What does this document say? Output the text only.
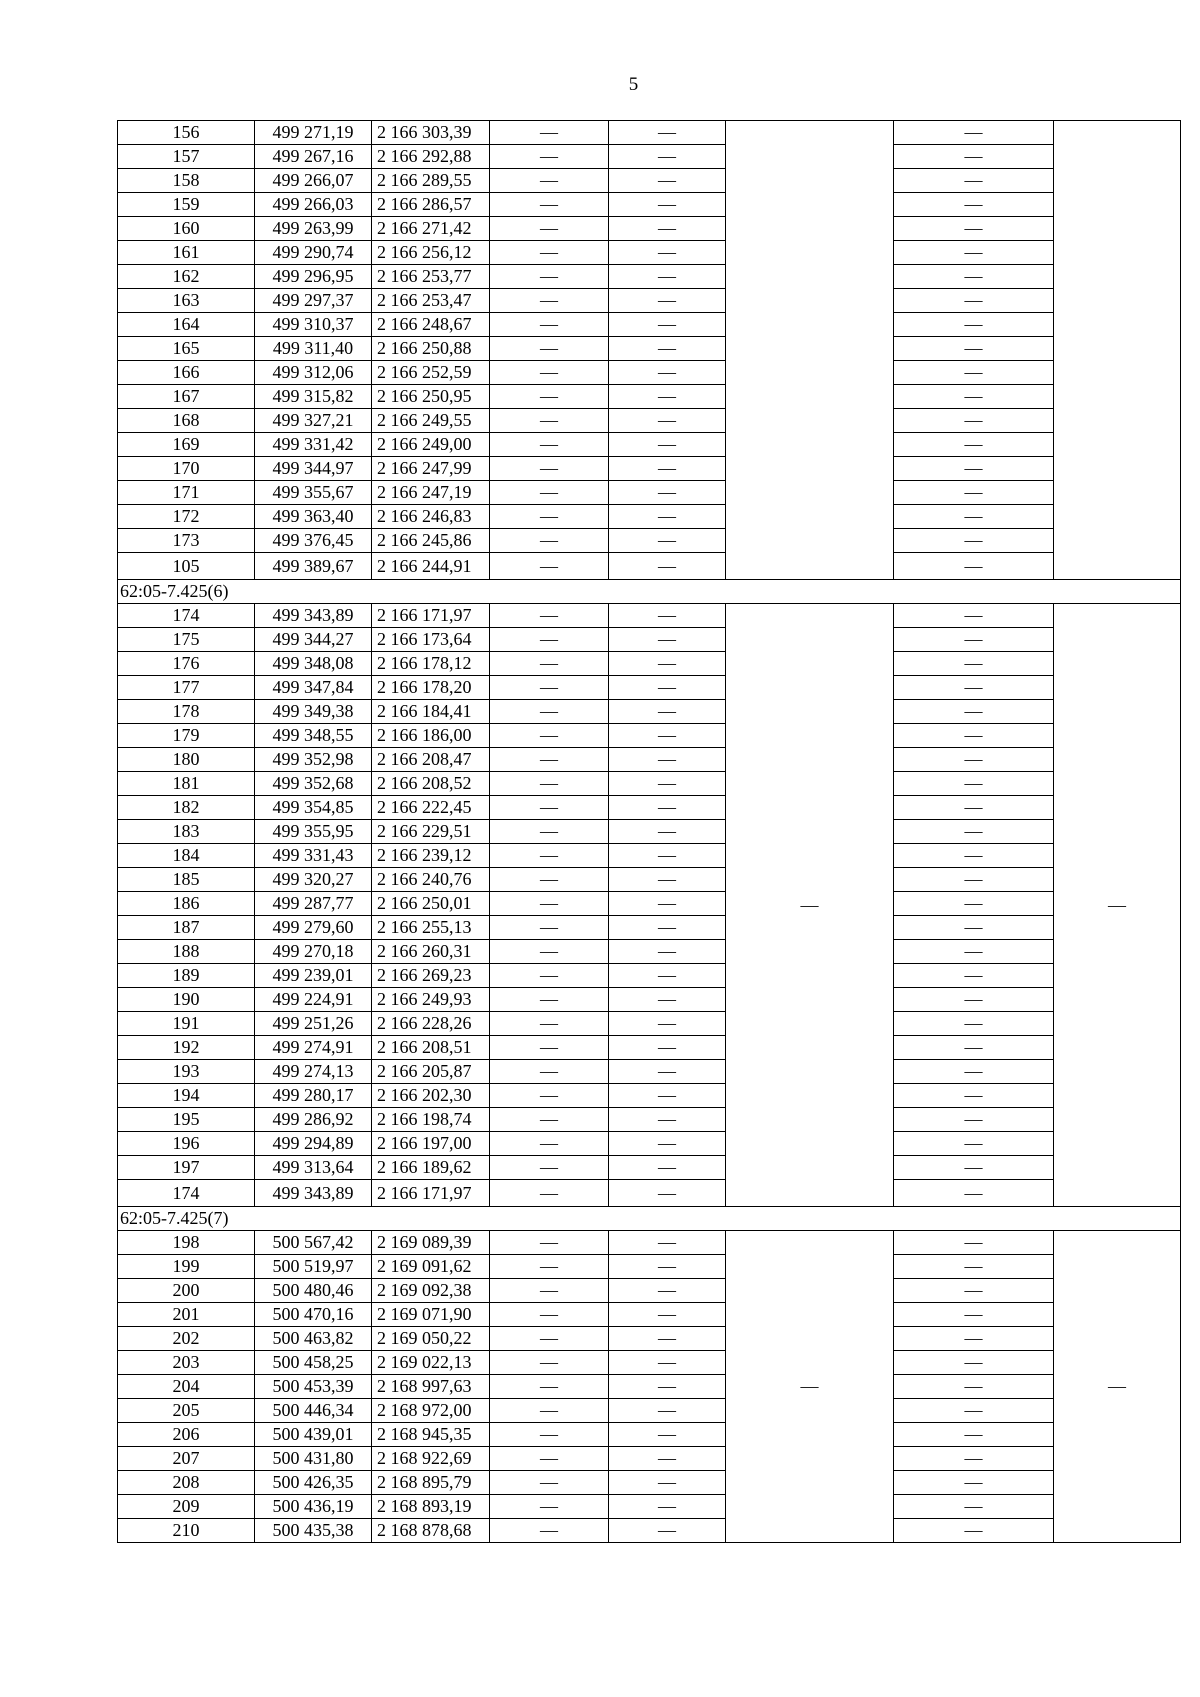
5
156	499 271,19	2 166 303,39	—	—		—	
157	499 267,16	2 166 292,88	—	—		—	
158	499 266,07	2 166 289,55	—	—		—	
159	499 266,03	2 166 286,57	—	—		—	
160	499 263,99	2 166 271,42	—	—		—	
161	499 290,74	2 166 256,12	—	—		—	
162	499 296,95	2 166 253,77	—	—		—	
163	499 297,37	2 166 253,47	—	—		—	
164	499 310,37	2 166 248,67	—	—		—	
165	499 311,40	2 166 250,88	—	—		—	
166	499 312,06	2 166 252,59	—	—		—	
167	499 315,82	2 166 250,95	—	—		—	
168	499 327,21	2 166 249,55	—	—		—	
169	499 331,42	2 166 249,00	—	—		—	
170	499 344,97	2 166 247,99	—	—		—	
171	499 355,67	2 166 247,19	—	—		—	
172	499 363,40	2 166 246,83	—	—		—	
173	499 376,45	2 166 245,86	—	—		—	
105	499 389,67	2 166 244,91	—	—		—	
62:05-7.425(6)							
174	499 343,89	2 166 171,97	—	—	—	—	—
175	499 344,27	2 166 173,64	—	—		—	
176	499 348,08	2 166 178,12	—	—		—	
177	499 347,84	2 166 178,20	—	—		—	
178	499 349,38	2 166 184,41	—	—		—	
179	499 348,55	2 166 186,00	—	—		—	
180	499 352,98	2 166 208,47	—	—		—	
181	499 352,68	2 166 208,52	—	—		—	
182	499 354,85	2 166 222,45	—	—		—	
183	499 355,95	2 166 229,51	—	—		—	
184	499 331,43	2 166 239,12	—	—		—	
185	499 320,27	2 166 240,76	—	—		—	
186	499 287,77	2 166 250,01	—	—		—	
187	499 279,60	2 166 255,13	—	—		—	
188	499 270,18	2 166 260,31	—	—		—	
189	499 239,01	2 166 269,23	—	—		—	
190	499 224,91	2 166 249,93	—	—		—	
191	499 251,26	2 166 228,26	—	—		—	
192	499 274,91	2 166 208,51	—	—		—	
193	499 274,13	2 166 205,87	—	—		—	
194	499 280,17	2 166 202,30	—	—		—	
195	499 286,92	2 166 198,74	—	—		—	
196	499 294,89	2 166 197,00	—	—		—	
197	499 313,64	2 166 189,62	—	—		—	
174	499 343,89	2 166 171,97	—	—		—	
62:05-7.425(7)							
198	500 567,42	2 169 089,39	—	—	—	—	—
199	500 519,97	2 169 091,62	—	—		—	
200	500 480,46	2 169 092,38	—	—		—	
201	500 470,16	2 169 071,90	—	—		—	
202	500 463,82	2 169 050,22	—	—		—	
203	500 458,25	2 169 022,13	—	—		—	
204	500 453,39	2 168 997,63	—	—		—	
205	500 446,34	2 168 972,00	—	—		—	
206	500 439,01	2 168 945,35	—	—		—	
207	500 431,80	2 168 922,69	—	—		—	
208	500 426,35	2 168 895,79	—	—		—	
209	500 436,19	2 168 893,19	—	—		—	
210	500 435,38	2 168 878,68	—	—		—	
